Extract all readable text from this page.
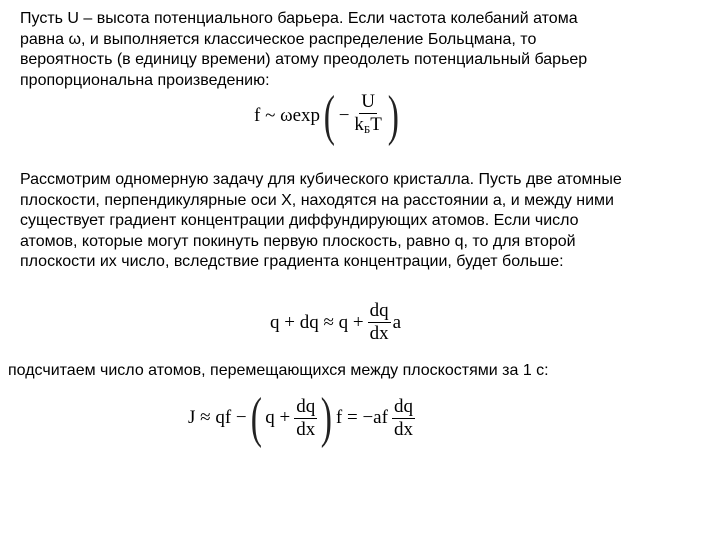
Пусть U – высота потенциального барьера. Если частота колебаний атома
равна ω, и выполняется классическое распределение Больцмана, то
вероятность (в единицу времени) атому преодолеть потенциальный барьер
пропорциональна произведению:
f ~ ωexp ( − $\frac{U}{k_БT}$ )
Рассмотрим одномерную задачу для кубического кристалла. Пусть две атомные
плоскости, перпендикулярные оси X, находятся на расстоянии а, и между ними
существует градиент концентрации диффундирующих атомов. Если число
атомов, которые могут покинуть первую плоскость, равно q, то для второй
плоскости их число, вследствие градиента концентрации, будет больше:
q + dq ≈ $q + \frac{dq}{dx}$ a
подсчитаем число атомов, перемещающихся между плоскостями за 1 с:
J ≈ qf − ( $q + \frac{dq}{dx}$ ) $f = -af \frac{dq}{dx}$
